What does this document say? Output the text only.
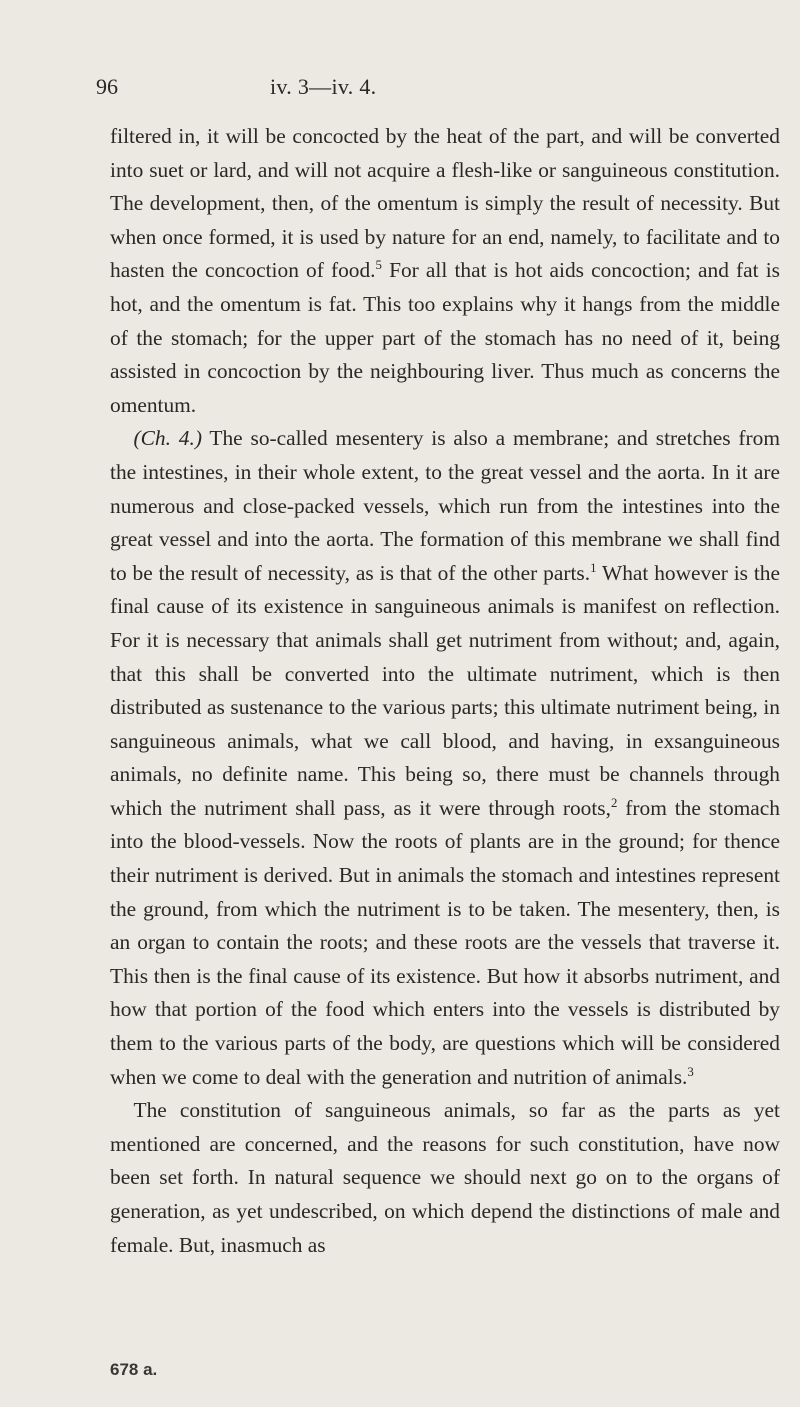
96	iv. 3—iv. 4.

filtered in, it will be concocted by the heat of the part, and will be converted into suet or lard, and will not acquire a flesh-like or sanguineous constitution. The development, then, of the omentum is simply the result of necessity. But when once formed, it is used by nature for an end, namely, to facilitate and to hasten the concoction of food.$^5$ For all that is hot aids concoction; and fat is hot, and the omentum is fat. This too explains why it hangs from the middle of the stomach; for the upper part of the stomach has no need of it, being assisted in concoction by the neighbouring liver. Thus much as concerns the omentum.

(Ch. 4.) The so-called mesentery is also a membrane; and stretches from the intestines, in their whole extent, to the great vessel and the aorta. In it are numerous and close-packed vessels, which run from the intestines into the great vessel and into the aorta. The formation of this membrane we shall find to be the result of necessity, as is that of the other parts.$^1$ What however is the final cause of its existence in sanguineous animals is manifest on reflection. For it is necessary that animals shall get nutriment from without; and, again, that this shall be converted into the ultimate nutriment, which is then distributed as sustenance to the various parts; this ultimate nutriment being, in sanguineous animals, what we call blood, and having, in exsanguineous animals, no definite name. This being so, there must be channels through which the nutriment shall pass, as it were through roots,$^2$ from the stomach into the blood-vessels. Now the roots of plants are in the ground; for thence their nutriment is derived. But in animals the stomach and intestines represent the ground, from which the nutriment is to be taken. The mesentery, then, is an organ to contain the roots; and these roots are the vessels that traverse it. This then is the final cause of its existence. But how it absorbs nutriment, and how that portion of the food which enters into the vessels is distributed by them to the various parts of the body, are questions which will be considered when we come to deal with the generation and nutrition of animals.$^3$

The constitution of sanguineous animals, so far as the parts as yet mentioned are concerned, and the reasons for such constitution, have now been set forth. In natural sequence we should next go on to the organs of generation, as yet undescribed, on which depend the distinctions of male and female. But, inasmuch as

678 a.
